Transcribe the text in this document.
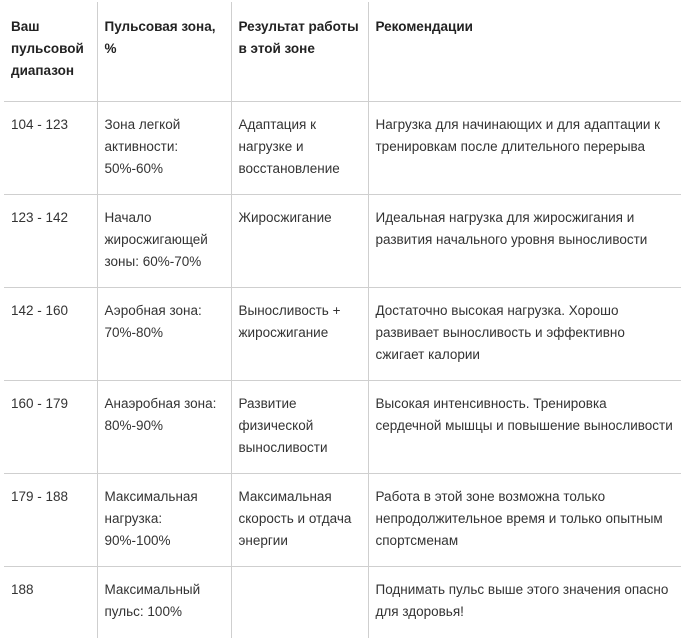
Ваш пульсовой диапазон	Пульсовая зона, %	Результат работы в этой зоне	Рекомендации
104 - 123	Зона легкой активности: 50%-60%	Адаптация к нагрузке и восстановление	Нагрузка для начинающих и для адаптации к тренировкам после длительного перерыва
123 - 142	Начало жиросжигающей зоны: 60%-70%	Жиросжигание	Идеальная нагрузка для жиросжигания и развития начального уровня выносливости
142 - 160	Аэробная зона: 70%-80%	Выносливость + жиросжигание	Достаточно высокая нагрузка. Хорошо развивает выносливость и эффективно сжигает калории
160 - 179	Анаэробная зона: 80%-90%	Развитие физической выносливости	Высокая интенсивность. Тренировка сердечной мышцы и повышение выносливости
179 - 188	Максимальная нагрузка: 90%-100%	Максимальная скорость и отдача энергии	Работа в этой зоне возможна только непродолжительное время и только опытным спортсменам
188	Максимальный пульс: 100%		Поднимать пульс выше этого значения опасно для здоровья!
